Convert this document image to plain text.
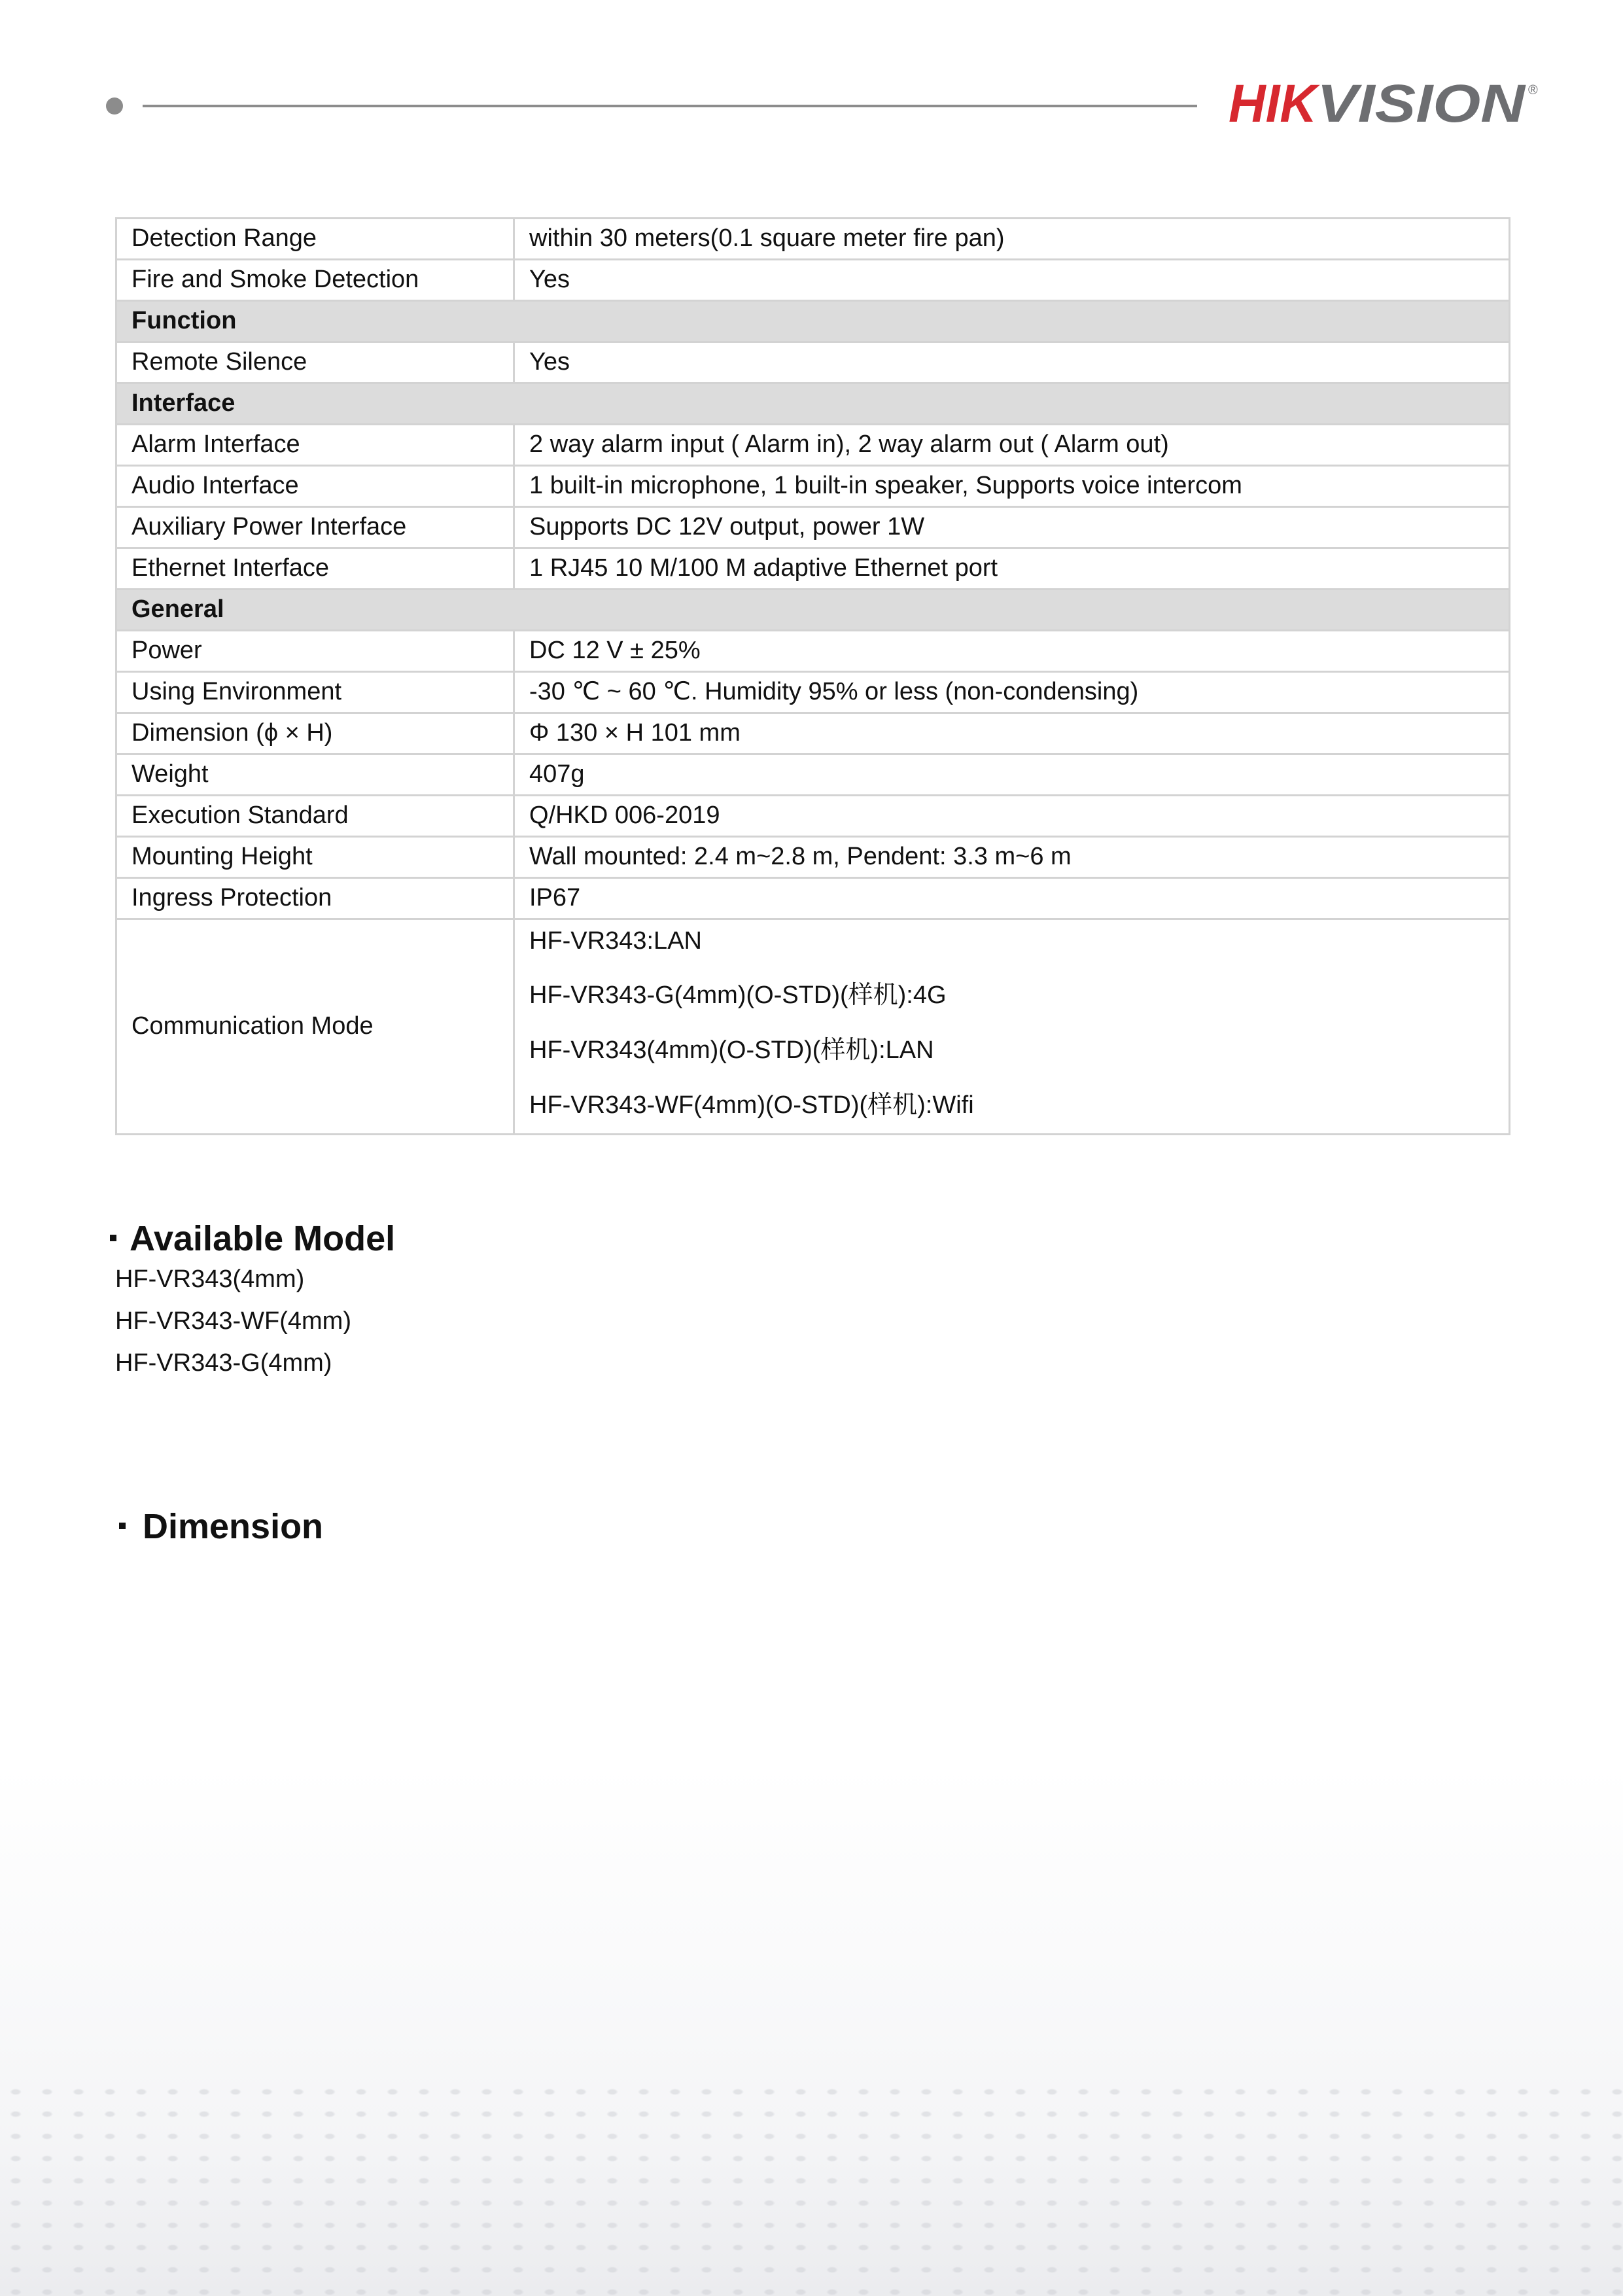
HIK
VISION ®
Detection Range	within 30 meters(0.1 square meter fire pan)
Fire and Smoke Detection	Yes
Function	
Remote Silence	Yes
Interface	
Alarm Interface	2 way alarm input ( Alarm in), 2 way alarm out ( Alarm out)
Audio Interface	1 built-in microphone, 1 built-in speaker, Supports voice intercom
Auxiliary Power Interface	Supports DC 12V output, power 1W
Ethernet Interface	1 RJ45 10 M/100 M adaptive Ethernet port
General	
Power	DC 12 V ± 25%
Using Environment	-30 ℃ ~ 60 ℃. Humidity 95% or less (non-condensing)
Dimension (ϕ × H)	Φ 130 × H 101 mm
Weight	407g
Execution Standard	Q/HKD 006-2019
Mounting Height	Wall mounted: 2.4 m~2.8 m, Pendent: 3.3 m~6 m
Ingress Protection	IP67
Communication Mode	HF-VR343:LAN
HF-VR343-G(4mm)(O-STD)(样机):4G
HF-VR343(4mm)(O-STD)(样机):LAN
HF-VR343-WF(4mm)(O-STD)(样机):Wifi
Available Model
HF-VR343(4mm)
HF-VR343-WF(4mm)
HF-VR343-G(4mm)
Dimension
